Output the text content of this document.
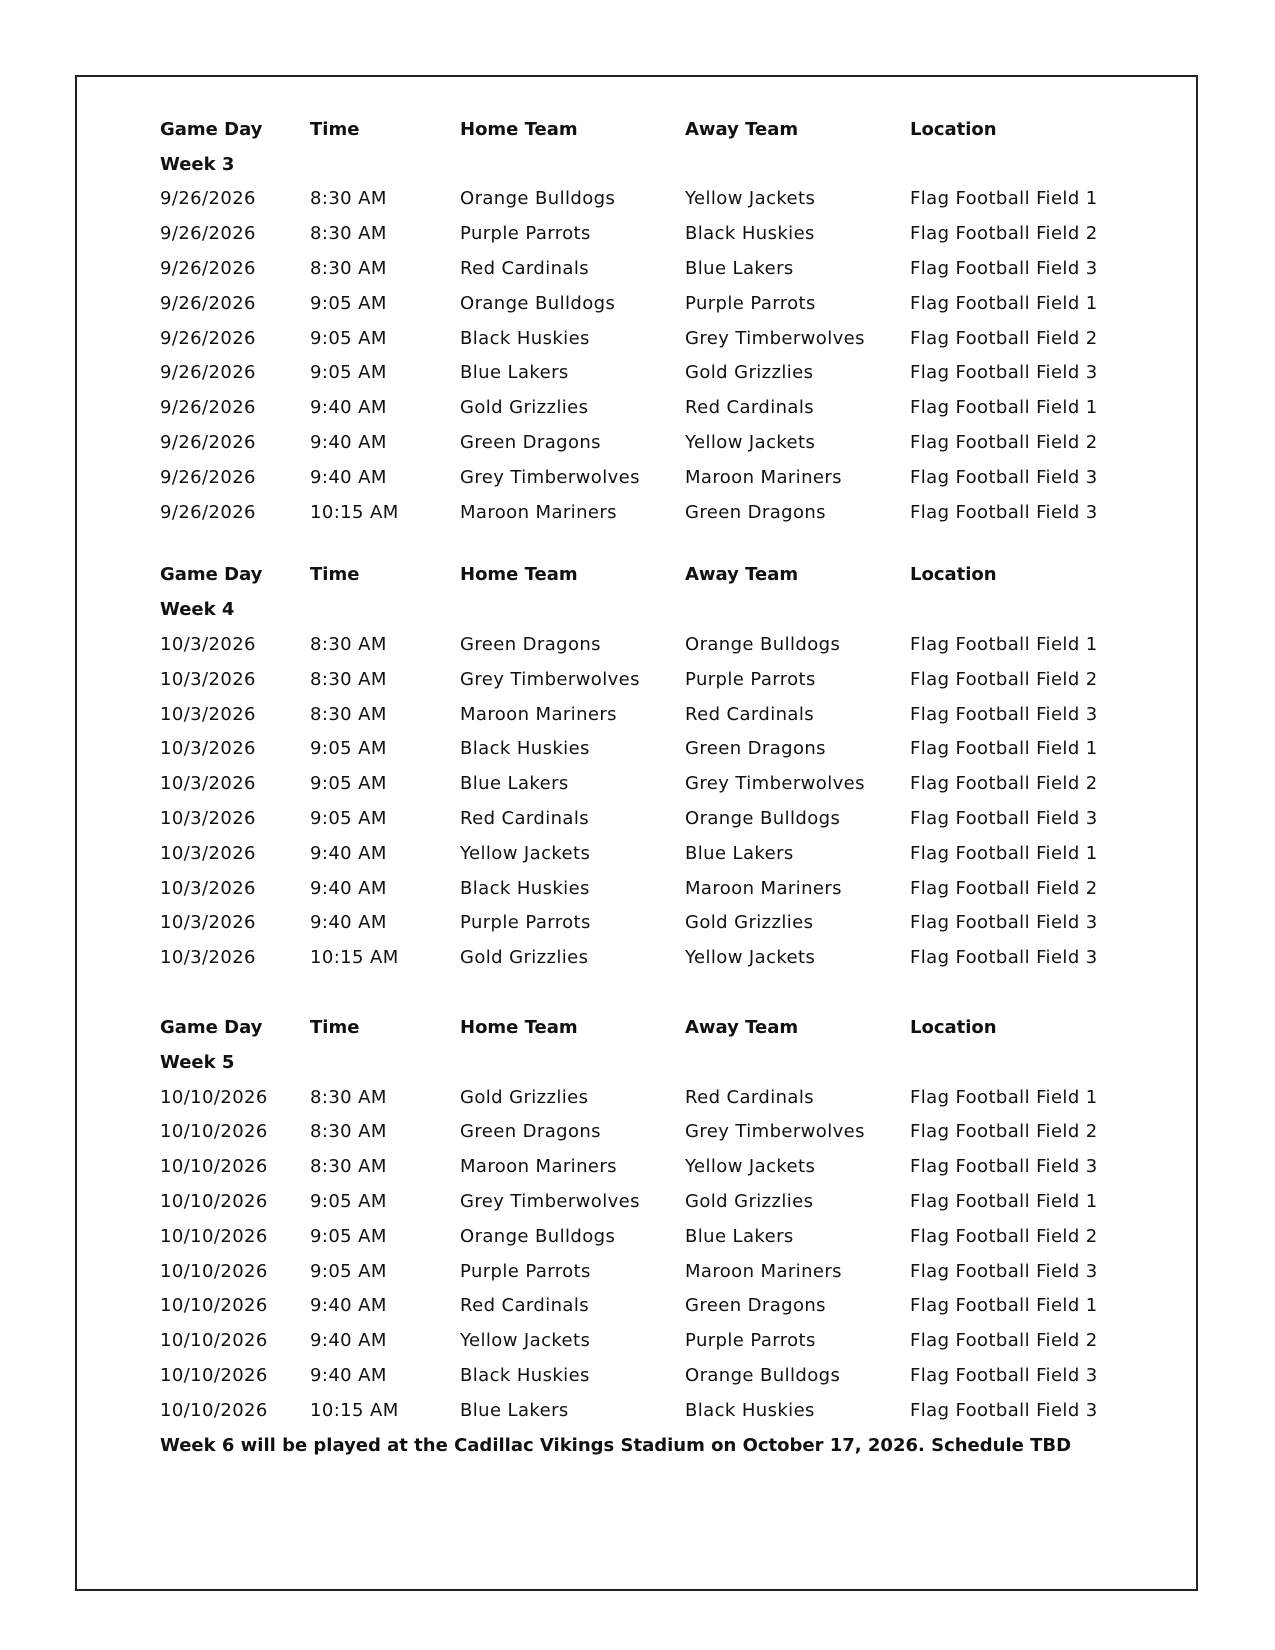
Game Day	Time	Home Team	Away Team	Location
Week 3
9/26/2026	8:30 AM	Orange Bulldogs	Yellow Jackets	Flag Football Field 1
9/26/2026	8:30 AM	Purple Parrots	Black Huskies	Flag Football Field 2
9/26/2026	8:30 AM	Red Cardinals	Blue Lakers	Flag Football Field 3
9/26/2026	9:05 AM	Orange Bulldogs	Purple Parrots	Flag Football Field 1
9/26/2026	9:05 AM	Black Huskies	Grey Timberwolves	Flag Football Field 2
9/26/2026	9:05 AM	Blue Lakers	Gold Grizzlies	Flag Football Field 3
9/26/2026	9:40 AM	Gold Grizzlies	Red Cardinals	Flag Football Field 1
9/26/2026	9:40 AM	Green Dragons	Yellow Jackets	Flag Football Field 2
9/26/2026	9:40 AM	Grey Timberwolves	Maroon Mariners	Flag Football Field 3
9/26/2026	10:15 AM	Maroon Mariners	Green Dragons	Flag Football Field 3
Game Day	Time	Home Team	Away Team	Location
Week 4
10/3/2026	8:30 AM	Green Dragons	Orange Bulldogs	Flag Football Field 1
10/3/2026	8:30 AM	Grey Timberwolves	Purple Parrots	Flag Football Field 2
10/3/2026	8:30 AM	Maroon Mariners	Red Cardinals	Flag Football Field 3
10/3/2026	9:05 AM	Black Huskies	Green Dragons	Flag Football Field 1
10/3/2026	9:05 AM	Blue Lakers	Grey Timberwolves	Flag Football Field 2
10/3/2026	9:05 AM	Red Cardinals	Orange Bulldogs	Flag Football Field 3
10/3/2026	9:40 AM	Yellow Jackets	Blue Lakers	Flag Football Field 1
10/3/2026	9:40 AM	Black Huskies	Maroon Mariners	Flag Football Field 2
10/3/2026	9:40 AM	Purple Parrots	Gold Grizzlies	Flag Football Field 3
10/3/2026	10:15 AM	Gold Grizzlies	Yellow Jackets	Flag Football Field 3
Game Day	Time	Home Team	Away Team	Location
Week 5
10/10/2026	8:30 AM	Gold Grizzlies	Red Cardinals	Flag Football Field 1
10/10/2026	8:30 AM	Green Dragons	Grey Timberwolves	Flag Football Field 2
10/10/2026	8:30 AM	Maroon Mariners	Yellow Jackets	Flag Football Field 3
10/10/2026	9:05 AM	Grey Timberwolves	Gold Grizzlies	Flag Football Field 1
10/10/2026	9:05 AM	Orange Bulldogs	Blue Lakers	Flag Football Field 2
10/10/2026	9:05 AM	Purple Parrots	Maroon Mariners	Flag Football Field 3
10/10/2026	9:40 AM	Red Cardinals	Green Dragons	Flag Football Field 1
10/10/2026	9:40 AM	Yellow Jackets	Purple Parrots	Flag Football Field 2
10/10/2026	9:40 AM	Black Huskies	Orange Bulldogs	Flag Football Field 3
10/10/2026	10:15 AM	Blue Lakers	Black Huskies	Flag Football Field 3
Week 6 will be played at the Cadillac Vikings Stadium on October 17, 2026. Schedule TBD
